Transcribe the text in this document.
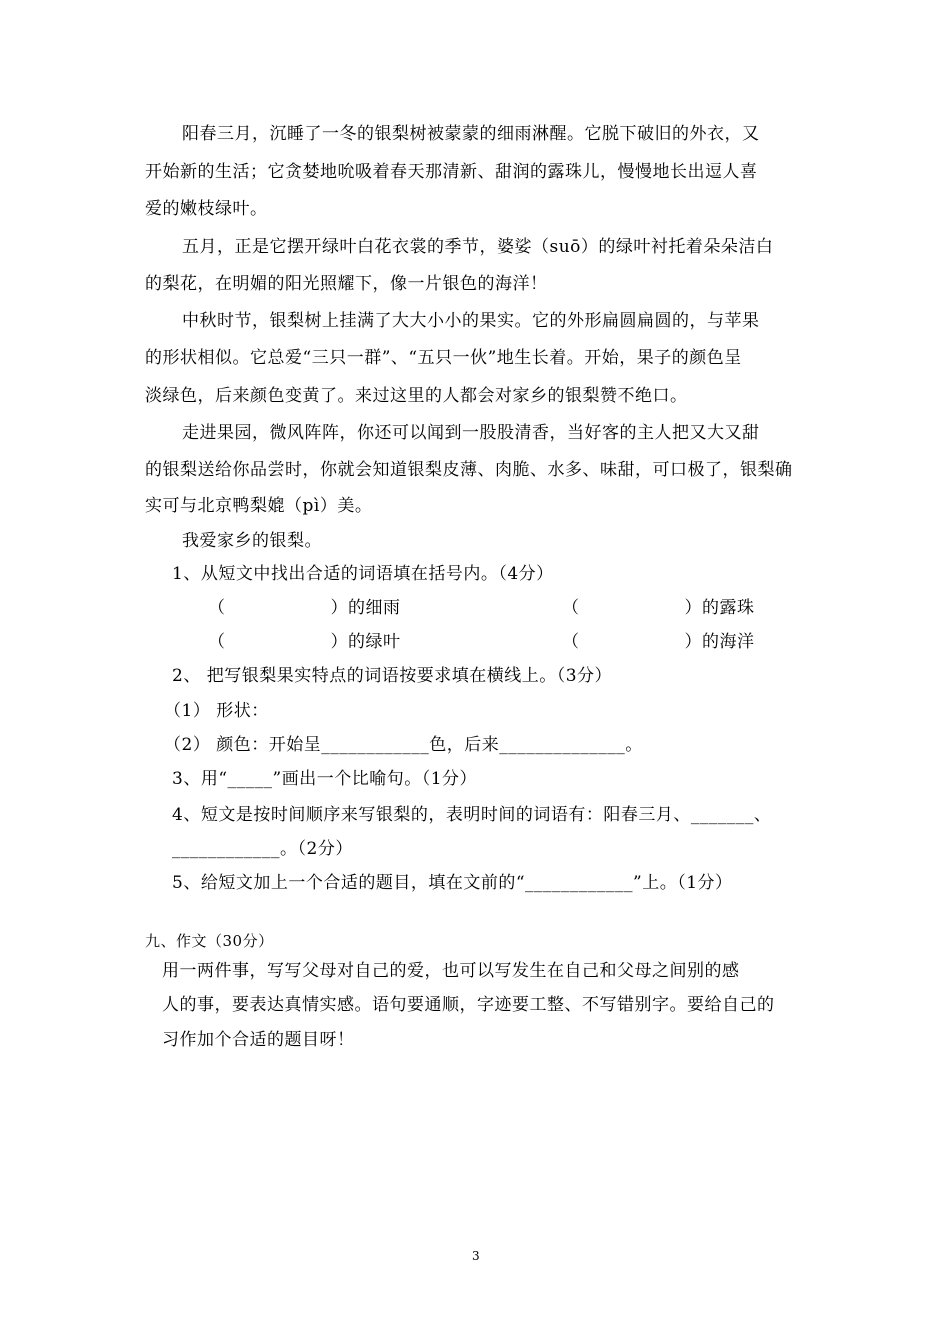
阳春三月，沉睡了一冬的银梨树被蒙蒙的细雨淋醒。它脱下破旧的外衣，又
开始新的生活；它贪婪地吮吸着春天那清新、甜润的露珠儿，慢慢地长出逗人喜
爱的嫩枝绿叶。
五月，正是它摆开绿叶白花衣裳的季节，婆娑（suō）的绿叶衬托着朵朵洁白
的梨花，在明媚的阳光照耀下，像一片银色的海洋！
中秋时节，银梨树上挂满了大大小小的果实。它的外形扁圆扁圆的，与苹果
的形状相似。它总爱“三只一群”、“五只一伙”地生长着。开始，果子的颜色呈
淡绿色，后来颜色变黄了。来过这里的人都会对家乡的银梨赞不绝口。
走进果园，微风阵阵，你还可以闻到一股股清香，当好客的主人把又大又甜
的银梨送给你品尝时，你就会知道银梨皮薄、肉脆、水多、味甜，可口极了，银梨确
实可与北京鸭梨媲（pì）美。
我爱家乡的银梨。
1、从短文中找出合适的词语填在括号内。（4分）
（　　　　　　）的细雨	（　　　　　　）的露珠
（　　　　　　）的绿叶	（　　　　　　）的海洋
2、 把写银梨果实特点的词语按要求填在横线上。（3分）
（1） 形状：
（2） 颜色：开始呈____________色，后来______________。
3、用“_____”画出一个比喻句。（1分）
4、短文是按时间顺序来写银梨的，表明时间的词语有：阳春三月、_______、
____________。（2分）
5、给短文加上一个合适的题目，填在文前的“____________”上。（1分）
九、作文（30分）
用一两件事，写写父母对自己的爱，也可以写发生在自己和父母之间别的感
人的事，要表达真情实感。语句要通顺，字迹要工整、不写错别字。要给自己的
习作加个合适的题目呀！
3
